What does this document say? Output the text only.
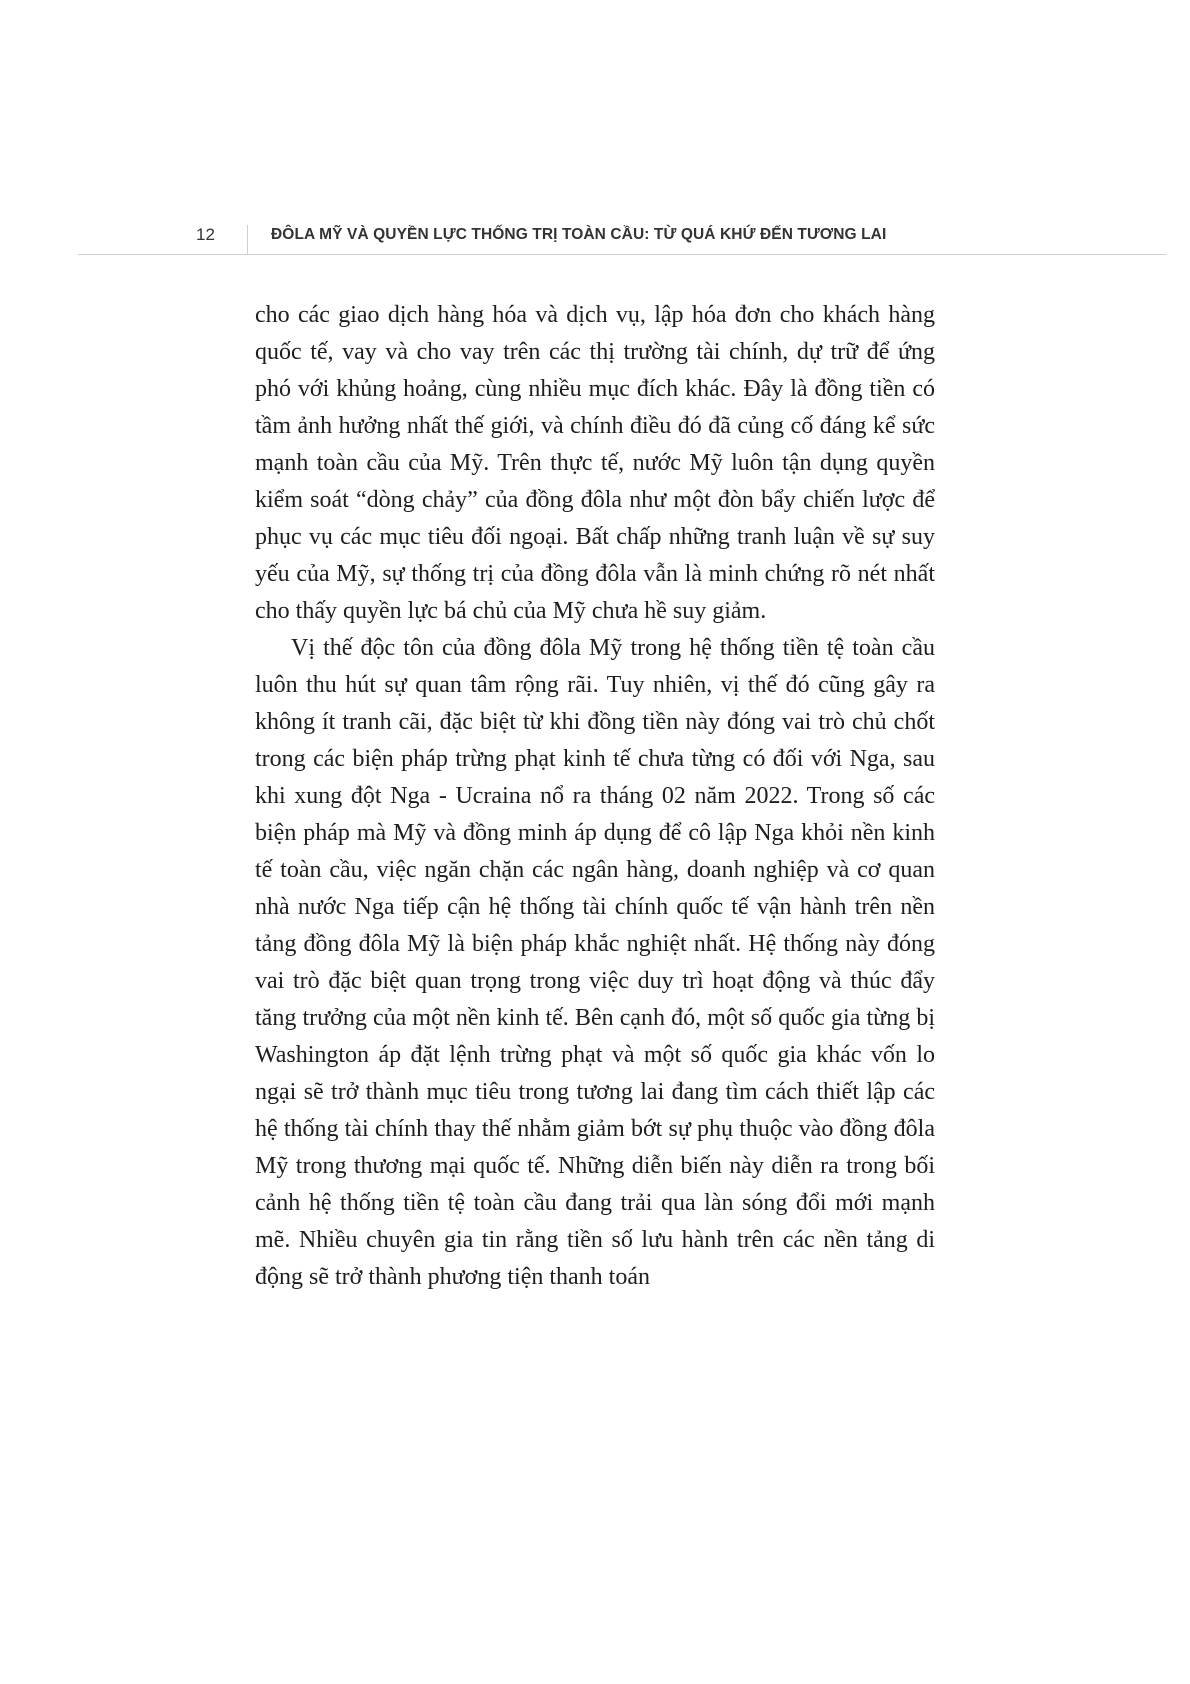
12	ĐÔLA MỸ VÀ QUYỀN LỰC THỐNG TRỊ TOÀN CẦU: TỪ QUÁ KHỨ ĐẾN TƯƠNG LAI

cho các giao dịch hàng hóa và dịch vụ, lập hóa đơn cho khách hàng quốc tế, vay và cho vay trên các thị trường tài chính, dự trữ để ứng phó với khủng hoảng, cùng nhiều mục đích khác. Đây là đồng tiền có tầm ảnh hưởng nhất thế giới, và chính điều đó đã củng cố đáng kể sức mạnh toàn cầu của Mỹ. Trên thực tế, nước Mỹ luôn tận dụng quyền kiểm soát “dòng chảy” của đồng đôla như một đòn bẩy chiến lược để phục vụ các mục tiêu đối ngoại. Bất chấp những tranh luận về sự suy yếu của Mỹ, sự thống trị của đồng đôla vẫn là minh chứng rõ nét nhất cho thấy quyền lực bá chủ của Mỹ chưa hề suy giảm.

Vị thế độc tôn của đồng đôla Mỹ trong hệ thống tiền tệ toàn cầu luôn thu hút sự quan tâm rộng rãi. Tuy nhiên, vị thế đó cũng gây ra không ít tranh cãi, đặc biệt từ khi đồng tiền này đóng vai trò chủ chốt trong các biện pháp trừng phạt kinh tế chưa từng có đối với Nga, sau khi xung đột Nga - Ucraina nổ ra tháng 02 năm 2022. Trong số các biện pháp mà Mỹ và đồng minh áp dụng để cô lập Nga khỏi nền kinh tế toàn cầu, việc ngăn chặn các ngân hàng, doanh nghiệp và cơ quan nhà nước Nga tiếp cận hệ thống tài chính quốc tế vận hành trên nền tảng đồng đôla Mỹ là biện pháp khắc nghiệt nhất. Hệ thống này đóng vai trò đặc biệt quan trọng trong việc duy trì hoạt động và thúc đẩy tăng trưởng của một nền kinh tế. Bên cạnh đó, một số quốc gia từng bị Washington áp đặt lệnh trừng phạt và một số quốc gia khác vốn lo ngại sẽ trở thành mục tiêu trong tương lai đang tìm cách thiết lập các hệ thống tài chính thay thế nhằm giảm bớt sự phụ thuộc vào đồng đôla Mỹ trong thương mại quốc tế. Những diễn biến này diễn ra trong bối cảnh hệ thống tiền tệ toàn cầu đang trải qua làn sóng đổi mới mạnh mẽ. Nhiều chuyên gia tin rằng tiền số lưu hành trên các nền tảng di động sẽ trở thành phương tiện thanh toán
